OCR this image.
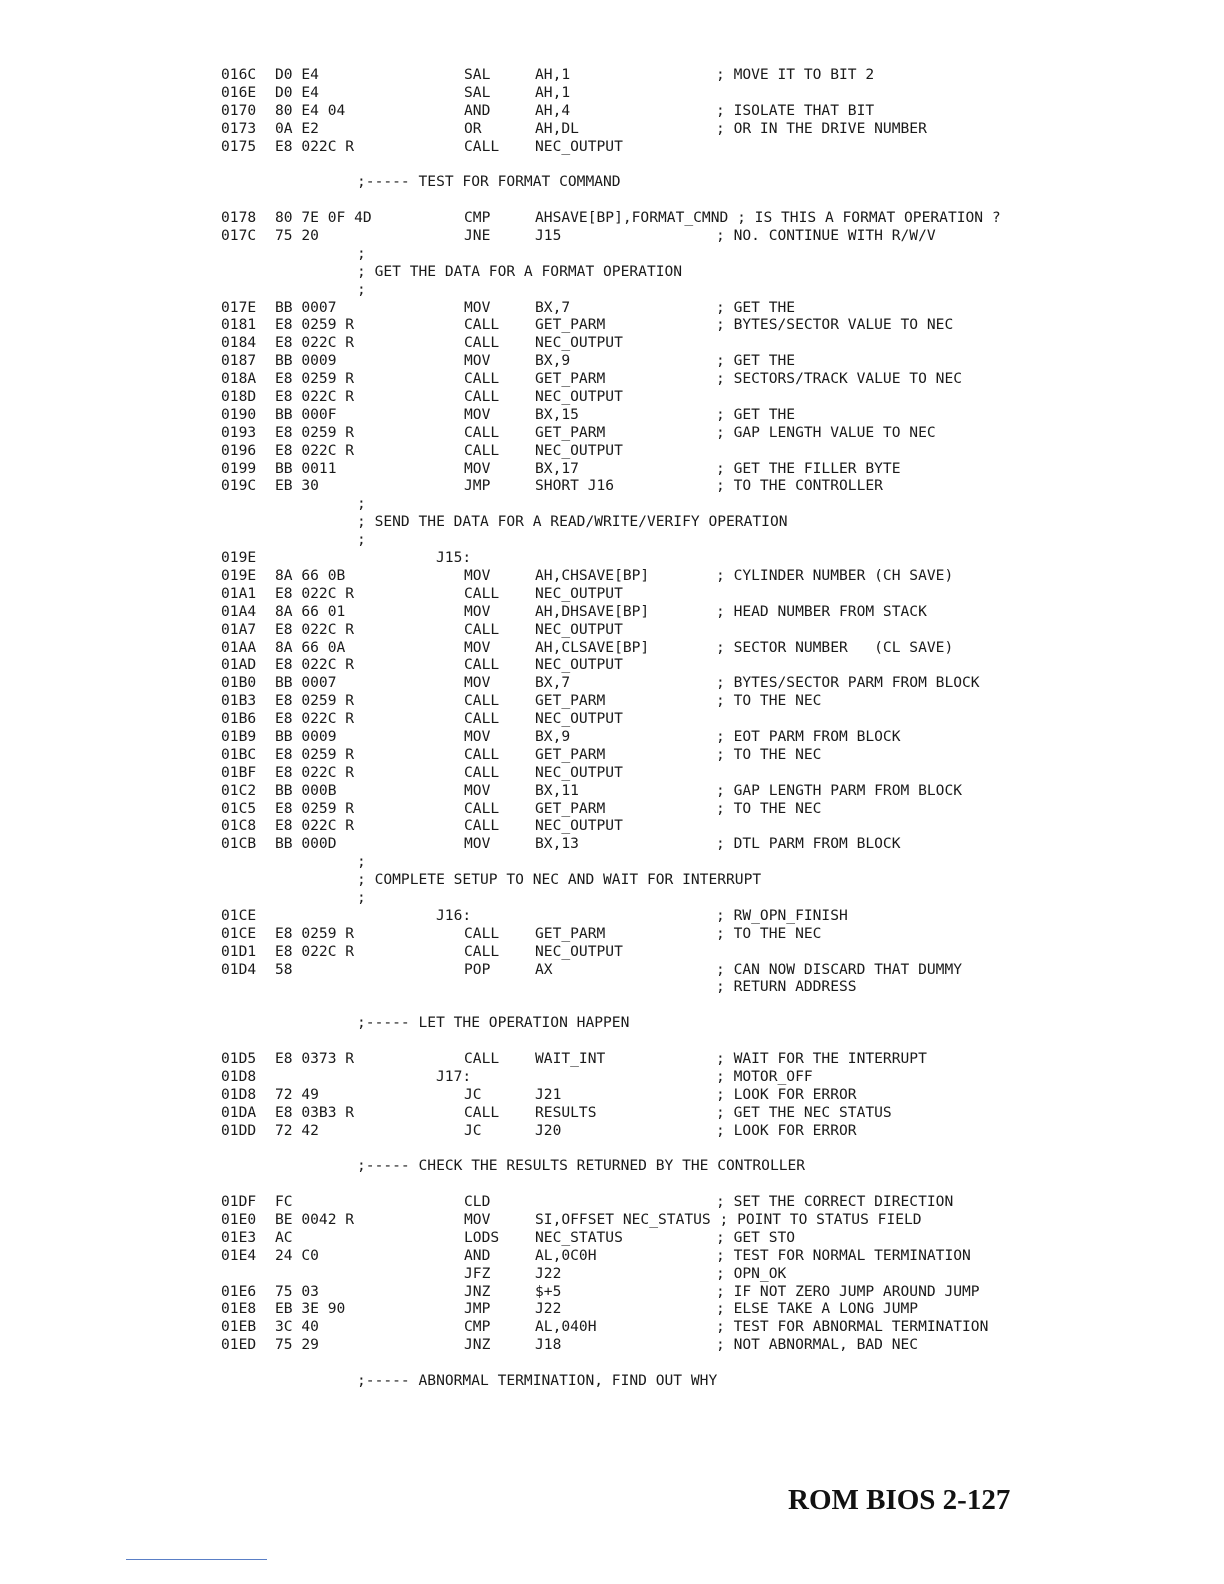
016C D0 E4	SAL	AH,1	; MOVE IT TO BIT 2
016E D0 E4	SAL	AH,1
0170 80 E4 04	AND	AH,4	; ISOLATE THAT BIT
0173 0A E2	OR	AH,DL	; OR IN THE DRIVE NUMBER
0175 E8 022C R	CALL NEC_OUTPUT
;----- TEST FOR FORMAT COMMAND
0178 80 7E 0F 4D	CMP	AHSAVE[BP],FORMAT_CMND ; IS THIS A FORMAT OPERATION ?
017C 75 20	JNE	J15	; NO. CONTINUE WITH R/W/V
;
; GET THE DATA FOR A FORMAT OPERATION
;
017E BB 0007	MOV	BX,7	; GET THE
0181 E8 0259 R	CALL GET_PARM	; BYTES/SECTOR VALUE TO NEC
0184 E8 022C R	CALL NEC_OUTPUT
0187 BB 0009	MOV	BX,9	; GET THE
018A E8 0259 R	CALL GET_PARM	; SECTORS/TRACK VALUE TO NEC
018D E8 022C R	CALL NEC_OUTPUT
0190 BB 000F	MOV	BX,15	; GET THE
0193 E8 0259 R	CALL GET_PARM	; GAP LENGTH VALUE TO NEC
0196 E8 022C R	CALL NEC_OUTPUT
0199 BB 0011	MOV	BX,17	; GET THE FILLER BYTE
019C EB 30	JMP	SHORT J16	; TO THE CONTROLLER
;
; SEND THE DATA FOR A READ/WRITE/VERIFY OPERATION
;
019E	J15:
019E 8A 66 0B	MOV	AH,CHSAVE[BP]	; CYLINDER NUMBER (CH SAVE)
01A1 E8 022C R	CALL NEC_OUTPUT
01A4 8A 66 01	MOV	AH,DHSAVE[BP]	; HEAD NUMBER FROM STACK
01A7 E8 022C R	CALL NEC_OUTPUT
01AA 8A 66 0A	MOV	AH,CLSAVE[BP]	; SECTOR NUMBER   (CL SAVE)
01AD E8 022C R	CALL NEC_OUTPUT
01B0 BB 0007	MOV	BX,7	; BYTES/SECTOR PARM FROM BLOCK
01B3 E8 0259 R	CALL GET_PARM	; TO THE NEC
01B6 E8 022C R	CALL NEC_OUTPUT
01B9 BB 0009	MOV	BX,9	; EOT PARM FROM BLOCK
01BC E8 0259 R	CALL GET_PARM	; TO THE NEC
01BF E8 022C R	CALL NEC_OUTPUT
01C2 BB 000B	MOV	BX,11	; GAP LENGTH PARM FROM BLOCK
01C5 E8 0259 R	CALL GET_PARM	; TO THE NEC
01C8 E8 022C R	CALL NEC_OUTPUT
01CB BB 000D	MOV	BX,13	; DTL PARM FROM BLOCK
;
; COMPLETE SETUP TO NEC AND WAIT FOR INTERRUPT
;
01CE	J16:	; RW_OPN_FINISH
01CE E8 0259 R	CALL GET_PARM	; TO THE NEC
01D1 E8 022C R	CALL NEC_OUTPUT
01D4 58	POP	AX	; CAN NOW DISCARD THAT DUMMY
; RETURN ADDRESS
;----- LET THE OPERATION HAPPEN
01D5 E8 0373 R	CALL WAIT_INT	; WAIT FOR THE INTERRUPT
01D8	J17:	; MOTOR_OFF
01D8 72 49	JC	J21	; LOOK FOR ERROR
01DA E8 03B3 R	CALL RESULTS	; GET THE NEC STATUS
01DD 72 42	JC	J20	; LOOK FOR ERROR
;----- CHECK THE RESULTS RETURNED BY THE CONTROLLER
01DF FC	CLD	; SET THE CORRECT DIRECTION
01E0 BE 0042 R	MOV	SI,OFFSET NEC_STATUS ; POINT TO STATUS FIELD
01E3 AC	LODS NEC_STATUS	; GET STO
01E4 24 C0	AND	AL,0C0H	; TEST FOR NORMAL TERMINATION
JFZ	J22	; OPN_OK
01E6 75 03	JNZ	$+5	; IF NOT ZERO JUMP AROUND JUMP
01E8 EB 3E 90	JMP	J22	; ELSE TAKE A LONG JUMP
01EB 3C 40	CMP	AL,040H	; TEST FOR ABNORMAL TERMINATION
01ED 75 29	JNZ	J18	; NOT ABNORMAL, BAD NEC
;----- ABNORMAL TERMINATION, FIND OUT WHY
ROM BIOS 2-127
